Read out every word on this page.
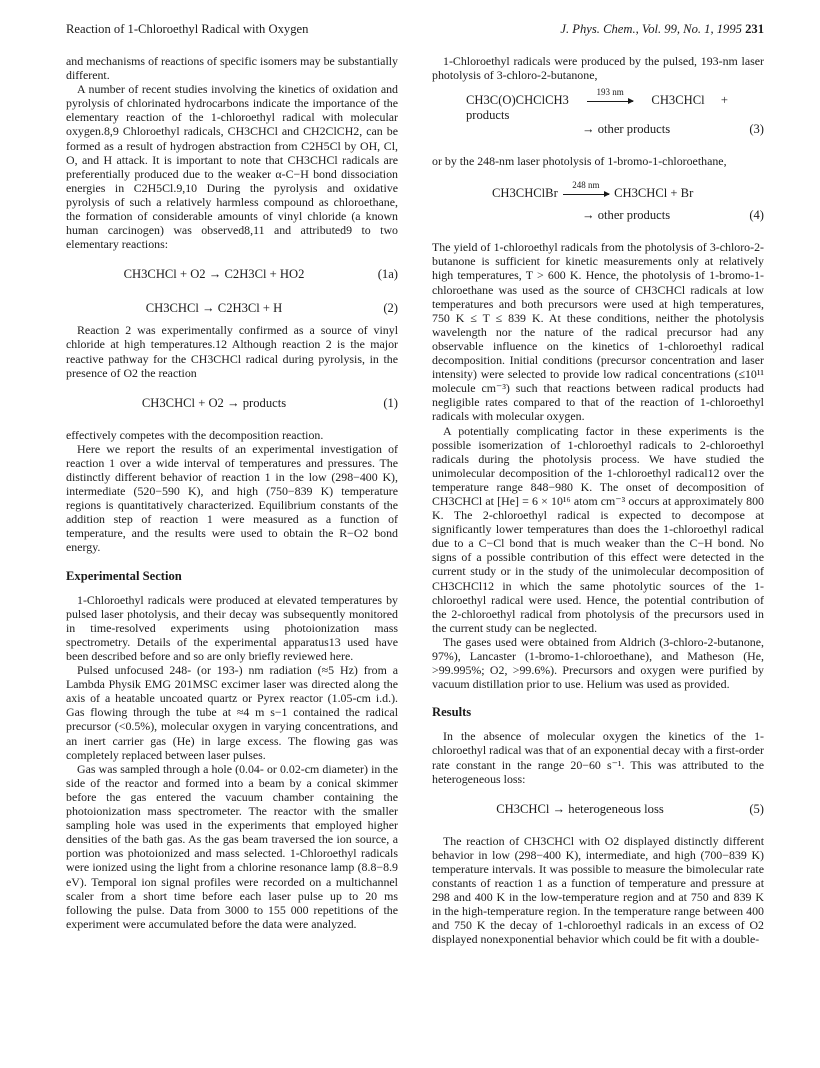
Reaction of 1-Chloroethyl Radical with Oxygen	J. Phys. Chem., Vol. 99, No. 1, 1995 231

and mechanisms of reactions of specific isomers may be substantially different.

A number of recent studies involving the kinetics of oxidation and pyrolysis of chlorinated hydrocarbons indicate the importance of the elementary reaction of the 1-chloroethyl radical with molecular oxygen.8,9 Chloroethyl radicals, CH3CHCl and CH2ClCH2, can be formed as a result of hydrogen abstraction from C2H5Cl by OH, Cl, O, and H attack. It is important to note that CH3CHCl radicals are preferentially produced due to the weaker α-C−H bond dissociation energies in C2H5Cl.9,10 During the pyrolysis and oxidative pyrolysis of such a relatively harmless compound as chloroethane, the formation of considerable amounts of vinyl chloride (a known human carcinogen) was observed8,11 and attributed9 to two elementary reactions:

CH3CHCl + O2 → C2H3Cl + HO2	(1a)
CH3CHCl → C2H3Cl + H	(2)

Reaction 2 was experimentally confirmed as a source of vinyl chloride at high temperatures.12 Although reaction 2 is the major reactive pathway for the CH3CHCl radical during pyrolysis, in the presence of O2 the reaction

CH3CHCl + O2 → products	(1)

effectively competes with the decomposition reaction.

Here we report the results of an experimental investigation of reaction 1 over a wide interval of temperatures and pressures. The distinctly different behavior of reaction 1 in the low (298−400 K), intermediate (520−590 K), and high (750−839 K) temperature regions is quantitatively characterized. Equilibrium constants of the addition step of reaction 1 were measured as a function of temperature, and the results were used to obtain the R−O2 bond energy.

Experimental Section

1-Chloroethyl radicals were produced at elevated temperatures by pulsed laser photolysis, and their decay was subsequently monitored in time-resolved experiments using photoionization mass spectrometry. Details of the experimental apparatus13 used have been described before and so are only briefly reviewed here.

Pulsed unfocused 248- (or 193-) nm radiation (≈5 Hz) from a Lambda Physik EMG 201MSC excimer laser was directed along the axis of a heatable uncoated quartz or Pyrex reactor (1.05-cm i.d.). Gas flowing through the tube at ≈4 m s−1 contained the radical precursor (<0.5%), molecular oxygen in varying concentrations, and an inert carrier gas (He) in large excess. The flowing gas was completely replaced between laser pulses.

Gas was sampled through a hole (0.04- or 0.02-cm diameter) in the side of the reactor and formed into a beam by a conical skimmer before the gas entered the vacuum chamber containing the photoionization mass spectrometer. The reactor with the smaller sampling hole was used in the experiments that employed higher densities of the bath gas. As the gas beam traversed the ion source, a portion was photoionized and mass selected. 1-Chloroethyl radicals were ionized using the light from a chlorine resonance lamp (8.8−8.9 eV). Temporal ion signal profiles were recorded on a multichannel scaler from a short time before each laser pulse up to 20 ms following the pulse. Data from 3000 to 155 000 repetitions of the experiment were accumulated before the data were analyzed.

1-Chloroethyl radicals were produced by the pulsed, 193-nm laser photolysis of 3-chloro-2-butanone,

CH3C(O)CHClCH3
193 nm
CH3CHCl + products
→ other products	(3)

or by the 248-nm laser photolysis of 1-bromo-1-chloroethane,

CH3CHClBr
248 nm
CH3CHCl + Br
→ other products	(4)

The yield of 1-chloroethyl radicals from the photolysis of 3-chloro-2-butanone is sufficient for kinetic measurements only at relatively high temperatures, T > 600 K. Hence, the photolysis of 1-bromo-1-chloroethane was used as the source of CH3CHCl radicals at low temperatures and both precursors were used at high temperatures, 750 K ≤ T ≤ 839 K. At these conditions, neither the photolysis wavelength nor the nature of the radical precursor had any observable influence on the kinetics of 1-chloroethyl radical decomposition. Initial conditions (precursor concentration and laser intensity) were selected to provide low radical concentrations (≤10¹¹ molecule cm⁻³) such that reactions between radical products had negligible rates compared to that of the reaction of 1-chloroethyl radicals with molecular oxygen.

A potentially complicating factor in these experiments is the possible isomerization of 1-chloroethyl radicals to 2-chloroethyl radicals during the photolysis process. We have studied the unimolecular decomposition of the 1-chloroethyl radical12 over the temperature range 848−980 K. The onset of decomposition of CH3CHCl at [He] = 6 × 10¹⁶ atom cm⁻³ occurs at approximately 800 K. The 2-chloroethyl radical is expected to decompose at significantly lower temperatures than does the 1-chloroethyl radical due to a C−Cl bond that is much weaker than the C−H bond. No signs of a possible contribution of this effect were detected in the current study or in the study of the unimolecular decomposition of CH3CHCl12 in which the same photolytic sources of the 1-chloroethyl radical were used. Hence, the potential contribution of the 2-chloroethyl radical from photolysis of the precursors used in the current study can be neglected.

The gases used were obtained from Aldrich (3-chloro-2-butanone, 97%), Lancaster (1-bromo-1-chloroethane), and Matheson (He, >99.995%; O2, >99.6%). Precursors and oxygen were purified by vacuum distillation prior to use. Helium was used as provided.

Results

In the absence of molecular oxygen the kinetics of the 1-chloroethyl radical was that of an exponential decay with a first-order rate constant in the range 20−60 s⁻¹. This was attributed to the heterogeneous loss:

CH3CHCl → heterogeneous loss	(5)

The reaction of CH3CHCl with O2 displayed distinctly different behavior in low (298−400 K), intermediate, and high (700−839 K) temperature intervals. It was possible to measure the bimolecular rate constants of reaction 1 as a function of temperature and pressure at 298 and 400 K in the low-temperature region and at 750 and 839 K in the high-temperature region. In the temperature range between 400 and 750 K the decay of 1-chloroethyl radicals in an excess of O2 displayed nonexponential behavior which could be fit with a double-
